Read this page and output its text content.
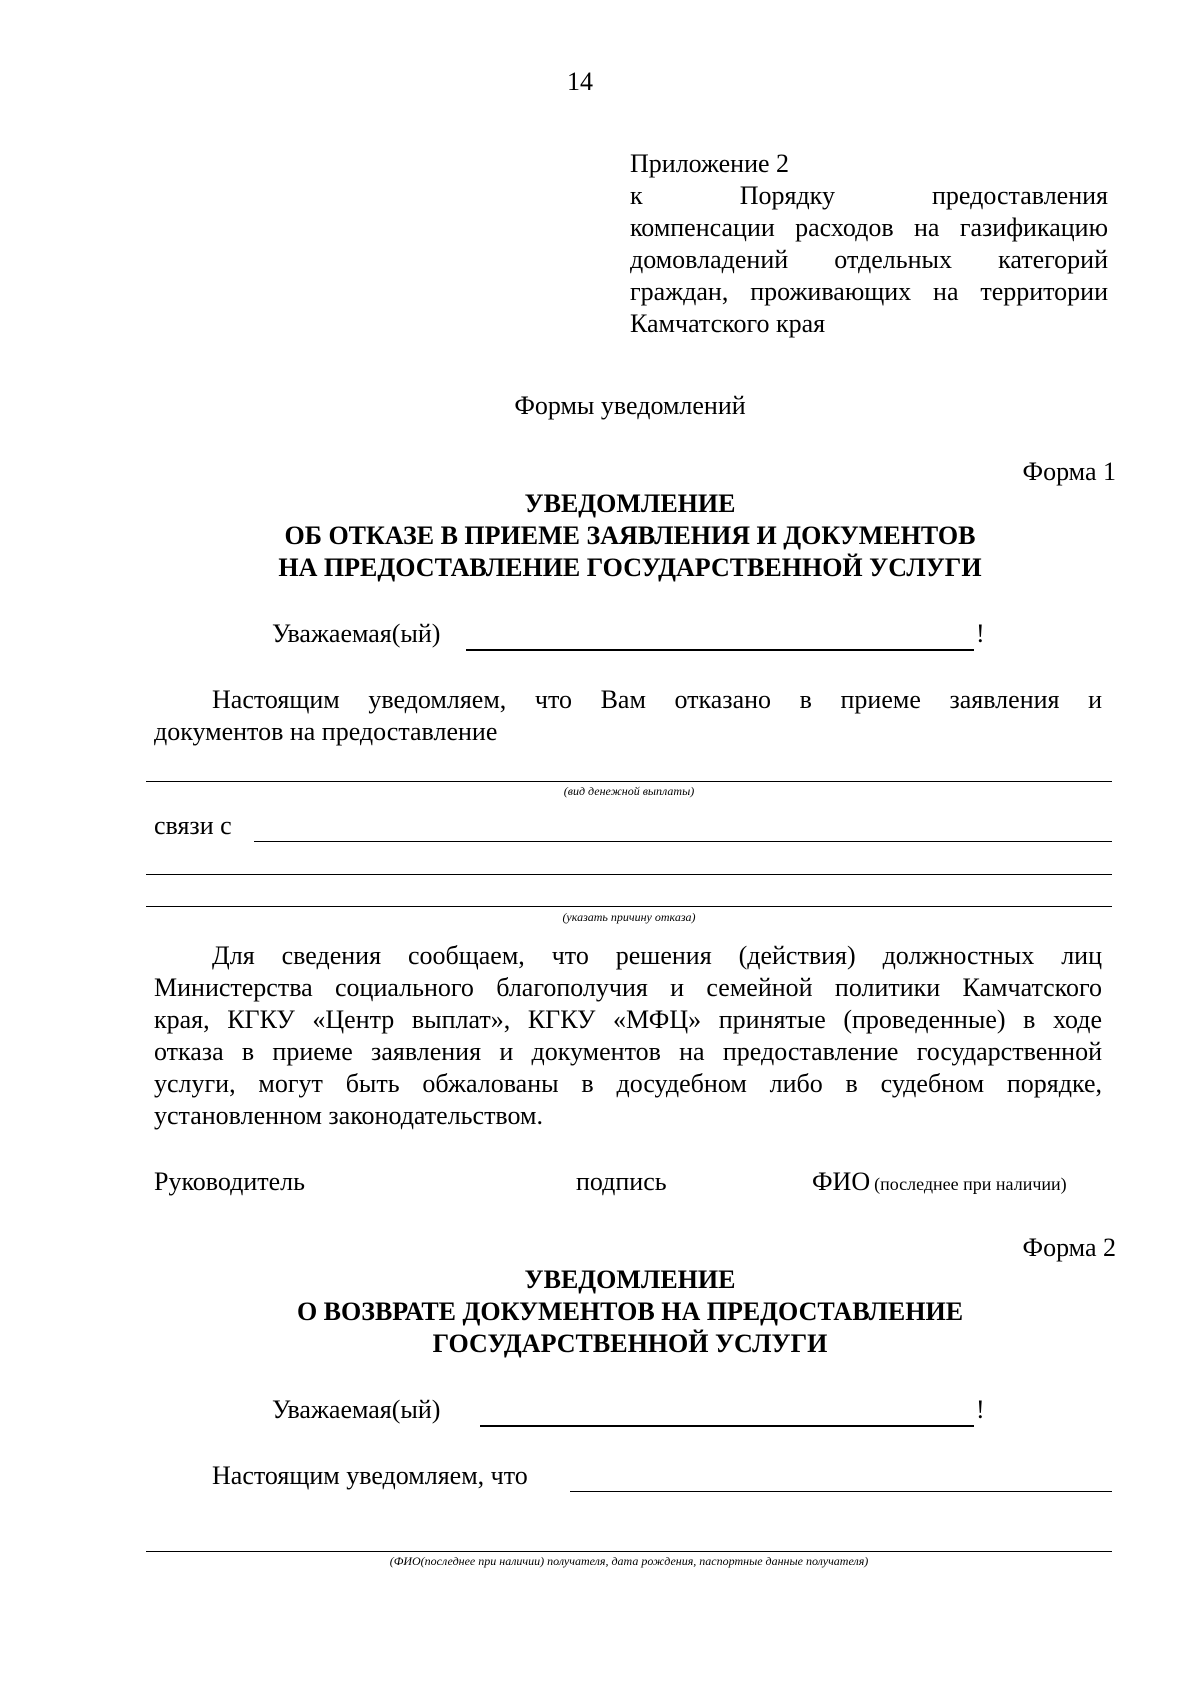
14
Приложение 2
к Порядку предоставления
компенсации расходов на газификацию
домовладений отдельных категорий
граждан, проживающих на территории
Камчатского края
Формы уведомлений
Форма 1
УВЕДОМЛЕНИЕ
ОБ ОТКАЗЕ В ПРИЕМЕ ЗАЯВЛЕНИЯ И ДОКУМЕНТОВ
НА ПРЕДОСТАВЛЕНИЕ ГОСУДАРСТВЕННОЙ УСЛУГИ
Уважаемая(ый)	!
Настоящим уведомляем, что Вам отказано в приеме заявления и
документов на предоставление
(вид денежной выплаты)
связи с
(указать причину отказа)
Для сведения сообщаем, что решения (действия) должностных лиц
Министерства социального благополучия и семейной политики Камчатского
края, КГКУ «Центр выплат», КГКУ «МФЦ» принятые (проведенные) в ходе
отказа в приеме заявления и документов на предоставление государственной
услуги, могут быть обжалованы в досудебном либо в судебном порядке,
установленном законодательством.
Руководитель	подпись	ФИО (последнее при наличии)
Форма 2
УВЕДОМЛЕНИЕ
О ВОЗВРАТЕ ДОКУМЕНТОВ НА ПРЕДОСТАВЛЕНИЕ
ГОСУДАРСТВЕННОЙ УСЛУГИ
Уважаемая(ый)	!
Настоящим уведомляем, что
(ФИО(последнее при наличии) получателя, дата рождения, паспортные данные получателя)
